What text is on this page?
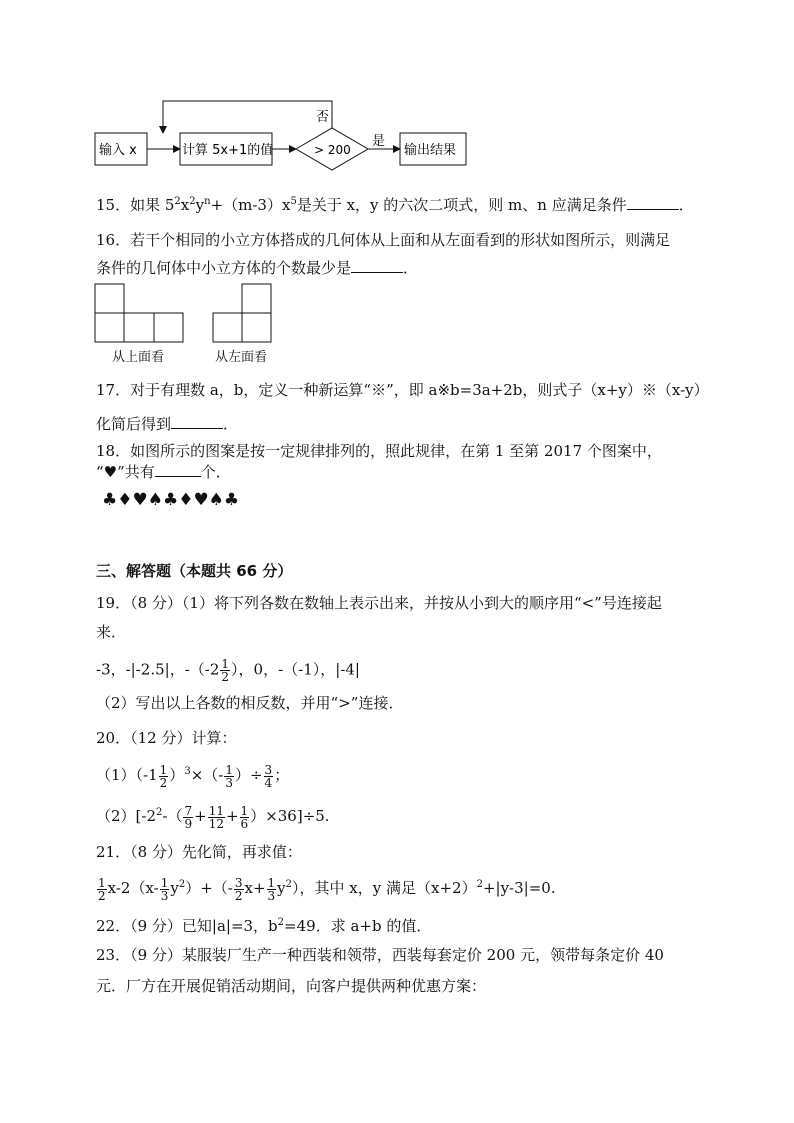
输入 x	计算 5x+1的值	> 200
是
输出结果
否
15．如果 $5^2x^2y^n+(m-3)x^5$是关于 x，y 的六次二项式，则 m、n 应满足条件	．
16．若干个相同的小立方体搭成的几何体从上面和从左面看到的形状如图所示，则满足
条件的几何体中小立方体的个数最少是	．
从上面看	从左面看
17．对于有理数 a，b，定义一种新运算“※”，即 a※b=3a+2b，则式子（x+y）※（x-y）
化简后得到	．
18．如图所示的图案是按一定规律排列的，照此规律，在第 1 至第 2017 个图案中，
“♥”共有	个．
♣♦♥♠♣♦♥♠♣
三、解答题（本题共 66 分）
19．（8 分）（1）将下列各数在数轴上表示出来，并按从小到大的顺序用“<”号连接起
来．
-3，-|-2.5|，$-(-2 \frac{1}{2}$ ），0，-（-1），|-4|
（2）写出以上各数的相反数，并用“>”连接．
20．（12 分）计算：
$(1)(-1 \frac{1}{2} )^3\times(- \frac{1}{3}$ ）÷ $\frac{3}{4}$ ；
$(2)[-2^2-( \frac{7}{9} + \frac{11}{12} + \frac{1}{6} )\times 36]\div 5$.
21．（8 分）先化简，再求值：
$\frac{1}{2} x-2(x- \frac{1}{3} y^2)+(- \frac{3}{2} x+ \frac{1}{3} y^2)$，其中 x，y 满足$(x+2)^2+|y-3|=0$.
22．（9 分）已知|a|=3，$b^2=49$．求 a+b 的值．
23．（9 分）某服装厂生产一种西装和领带，西装每套定价 200 元，领带每条定价 40
元．厂方在开展促销活动期间，向客户提供两种优惠方案：
